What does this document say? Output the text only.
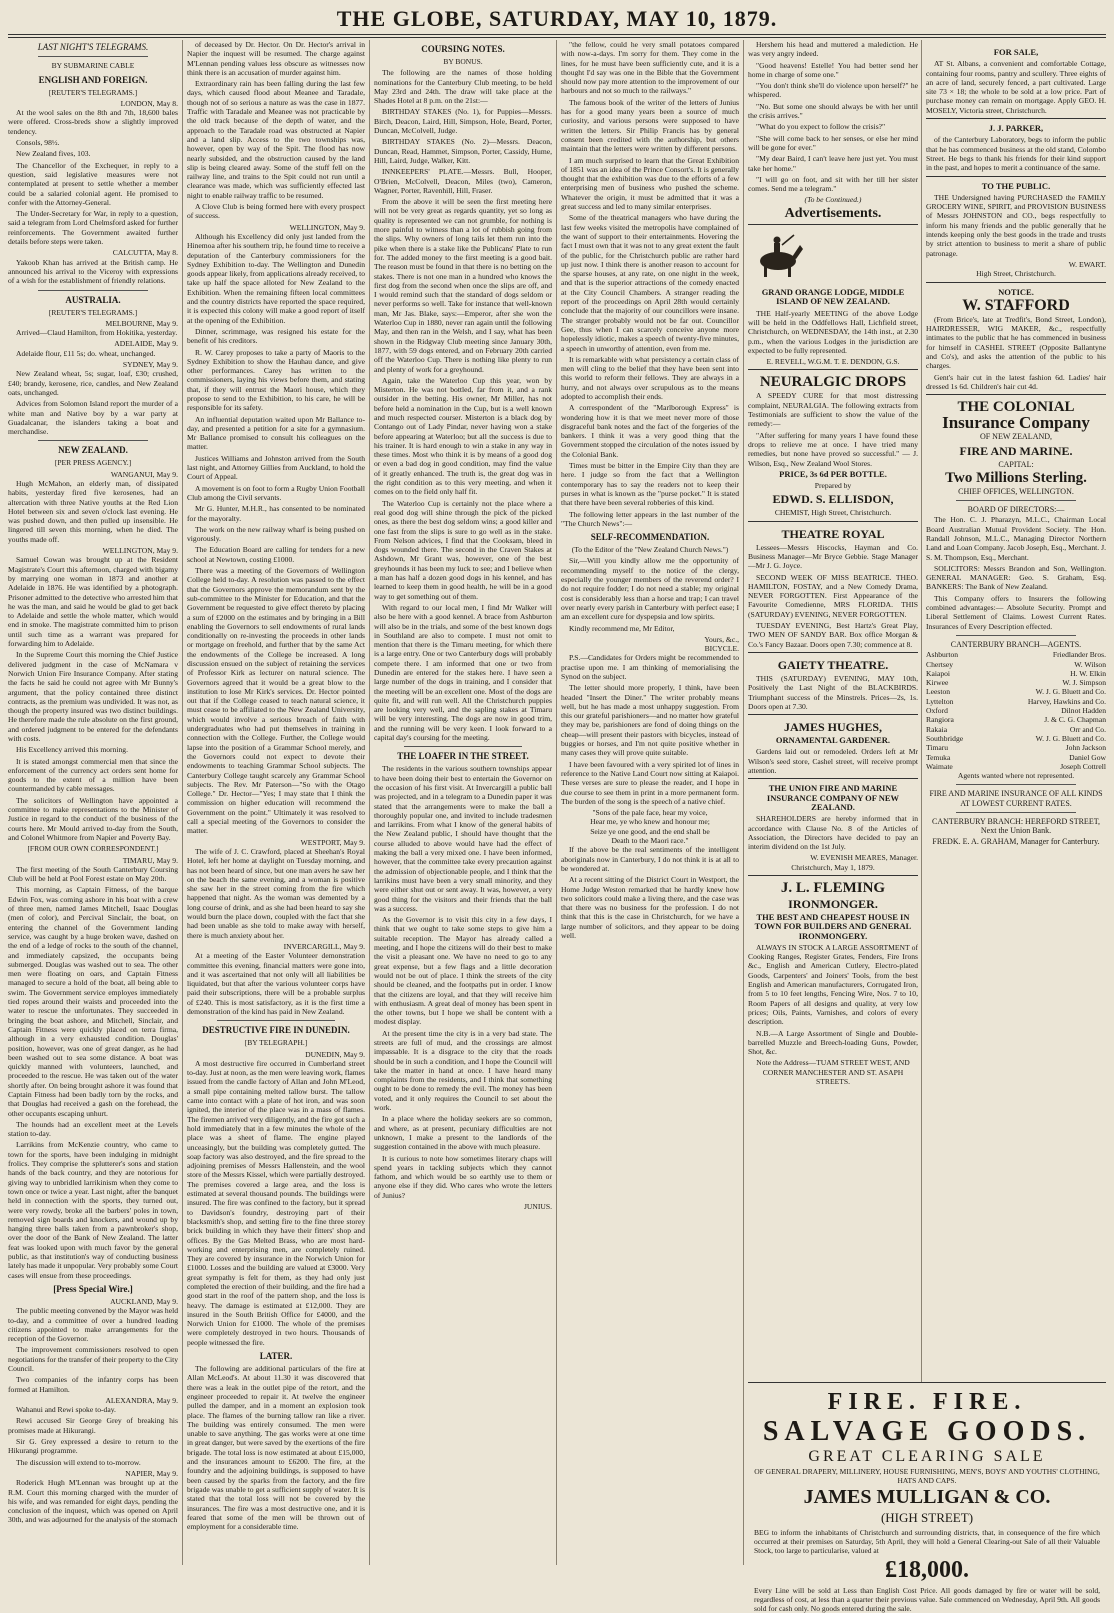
THE GLOBE, SATURDAY, MAY 10, 1879.
LAST NIGHT'S TELEGRAMS.
BY SUBMARINE CABLE
ENGLISH AND FOREIGN.
[REUTER'S TELEGRAMS.]
LONDON, May 8.

At the wool sales on the 8th and 7th, 18,600 bales were offered. Cross-breds show a slightly improved tendency.

Consols, 98½.

New Zealand fives, 103.

The Chancellor of the Exchequer, in reply to a question, said legislative measures were not contemplated at present to settle whether a member could be a salaried colonial agent. He promised to confer with the Attorney-General.

The Under-Secretary for War, in reply to a question, said a telegram from Lord Chelmsford asked for further reinforcements. The Government awaited further details before steps were taken.

CALCUTTA, May 8.

Yakoob Khan has arrived at the British camp. He announced his arrival to the Viceroy with expressions of a wish for the establishment of friendly relations.

AUSTRALIA.
[REUTER'S TELEGRAMS.]
MELBOURNE, May 9.

Arrived—Claud Hamilton, from Hokitika, yesterday.

ADELAIDE, May 9.

Adelaide flour, £11 5s; do. wheat, unchanged.

SYDNEY, May 9.

New Zealand wheat, 5s; sugar, loaf, £30; crushed, £40; brandy, kerosene, rice, candles, and New Zealand oats, unchanged.

Advices from Solomon Island report the murder of a white man and Native boy by a war party at Guadalcanar, the islanders taking a boat and merchandise.

NEW ZEALAND.
[PER PRESS AGENCY.]
WANGANUI, May 9.

Hugh McMahon, an elderly man, of dissipated habits, yesterday fired five kerosenes, had an altercation with three Native youths at the Red Lion Hotel between six and seven o'clock last evening. He was pushed down, and then pulled up insensible. He lingered till seven this morning, when he died. The youths made off.

WELLINGTON, May 9.

Samuel Cowan was brought up at the Resident Magistrate's Court this afternoon, charged with bigamy by marrying one woman in 1873 and another at Adelaide in 1876. He was identified by a photograph. Prisoner admitted to the detective who arrested him that he was the man, and said he would be glad to get back to Adelaide and settle the whole matter, which would end in smoke. The magistrate committed him to prison until such time as a warrant was prepared for forwarding him to Adelaide.

In the Supreme Court this morning the Chief Justice delivered judgment in the case of McNamara v Norwich Union Fire Insurance Company. After stating the facts he said he could not agree with Mr Bunny's argument, that the policy contained three distinct contracts, as the premium was undivided. It was not, as though the property insured was two distinct buildings. He therefore made the rule absolute on the first ground, and ordered judgment to be entered for the defendants with costs.

His Excellency arrived this morning.

It is stated amongst commercial men that since the enforcement of the currency act orders sent home for goods to the extent of a million have been countermanded by cable messages.

The solicitors of Wellington have appointed a committee to make representations to the Minister of Justice in regard to the conduct of the business of the courts here. Mr Mould arrived to-day from the South, and Colonel Whitmore from Napier and Poverty Bay.

[FROM OUR OWN CORRESPONDENT.]
TIMARU, May 9.

The first meeting of the South Canterbury Coursing Club will be held at Pool Forest estate on May 20th.

This morning, as Captain Fitness, of the barque Edwin Fox, was coming ashore in his boat with a crew of three men, named James Mitchell, Isaac Douglas (men of color), and Percival Sinclair, the boat, on entering the channel of the Government landing service, was caught by a huge broken wave, dashed on the end of a ledge of rocks to the south of the channel, and immediately capsized, the occupants being submerged. Douglas was washed out to sea. The other men were floating on oars, and Captain Fitness managed to secure a hold of the boat, all being able to swim. The Government service employes immediately tied ropes around their waists and proceeded into the water to rescue the unfortunates. They succeeded in bringing the boat ashore, and Mitchell, Sinclair, and Captain Fitness were quickly placed on terra firma, although in a very exhausted condition. Douglas' position, however, was one of great danger, as he had been washed out to sea some distance. A boat was quickly manned with volunteers, launched, and proceeded to the rescue. He was taken out of the water shortly after. On being brought ashore it was found that Captain Fitness had been badly torn by the rocks, and that Douglas had received a gash on the forehead, the other occupants escaping unhurt.

The hounds had an excellent meet at the Levels station to-day.

Larrikins from McKenzie country, who came to town for the sports, have been indulging in midnight frolics. They comprise the splutterer's sons and station hands of the back country, and they are notorious for giving way to unbridled larrikinism when they come to town once or twice a year. Last night, after the banquet held in connection with the sports, they turned out, were very rowdy, broke all the barbers' poles in town, removed sign boards and knockers, and wound up by hanging three balls taken from a pawnbroker's shop, over the door of the Bank of New Zealand. The latter feat was looked upon with much favor by the general public, as that institution's way of conducting business lately has made it unpopular. Very probably some Court cases will ensue from these proceedings.

[Press Special Wire.]
AUCKLAND, May 9.

The public meeting convened by the Mayor was held to-day, and a committee of over a hundred leading citizens appointed to make arrangements for the reception of the Governor.

The improvement commissioners resolved to open negotiations for the transfer of their property to the City Council.

Two companies of the infantry corps has been formed at Hamilton.

ALEXANDRA, May 9.

Wahanui and Rewi spoke to-day.

Rewi accused Sir George Grey of breaking his promises made at Hikurangi.

Sir G. Grey expressed a desire to return to the Hikurangi programme.

The discussion will extend to to-morrow.

NAPIER, May 9.

Roderick Hugh M'Lennan was brought up at the R.M. Court this morning charged with the murder of his wife, and was remanded for eight days, pending the conclusion of the inquest, which was opened on April 30th, and was adjourned for the analysis of the stomach

of deceased by Dr. Hector. On Dr. Hector's arrival in Napier the inquest will be resumed. The charge against M'Lennan pending values less obscure as witnesses now think there is an accusation of murder against him.

Extraordinary rain has been falling during the last few days, which caused flood about Meanee and Taradale, though not of so serious a nature as was the case in 1877. Traffic with Taradale and Meanee was not practicable by the old track because of the depth of water, and the approach to the Taradale road was obstructed at Napier and a land slip. Access to the two townships was, however, open by way of the Spit. The flood has now nearly subsided, and the obstruction caused by the land slip is being cleared away. Some of the stuff fell on the railway line, and trains to the Spit could not run until a clearance was made, which was sufficiently effected last night to enable railway traffic to be resumed.

A Clove Club is being formed here with every prospect of success.

WELLINGTON, May 9.

Although his Excellency did only just landed from the Hinemoa after his southern trip, he found time to receive a deputation of the Canterbury commissioners for the Sydney Exhibition to-day. The Wellington and Dunedin goods appear likely, from applications already received, to take up half the space alloted for New Zealand to the Exhibition. When the remaining fifteen local committees and the country districts have reported the space required, it is expected this colony will make a good report of itself at the opening of the Exhibition.

Dinner, scrimmage, was resigned his estate for the benefit of his creditors.

R. W. Carey proposes to take a party of Maoris to the Sydney Exhibition to show the Hauhau dance, and give other performances. Carey has written to the commissioners, laying his views before them, and stating that, if they will entrust the Maori house, which they propose to send to the Exhibition, to his care, he will be responsible for its safety.

An influential deputation waited upon Mr Ballance to-day, and presented a petition for a site for a gymnasium. Mr Ballance promised to consult his colleagues on the matter.

Justices Williams and Johnston arrived from the South last night, and Attorney Gillies from Auckland, to hold the Court of Appeal.

A movement is on foot to form a Rugby Union Football Club among the Civil servants.

Mr G. Hunter, M.H.R., has consented to be nominated for the mayoralty.

The work on the new railway wharf is being pushed on vigorously.

The Education Board are calling for tenders for a new school at Newtown, costing £1000.

There was a meeting of the Governors of Wellington College held to-day. A resolution was passed to the effect that the Governors approve the memorandum sent by the sub-committee to the Minister for Education, and that the Government be requested to give effect thereto by placing a sum of £2000 on the estimates and by bringing in a Bill enabling the Governors to sell endowments of rural lands conditionally on re-investing the proceeds in other lands or mortgage on freehold, and further that by the same Act the endowments of the College be increased. A long discussion ensued on the subject of retaining the services of Professor Kirk as lecturer on natural science. The Governors agreed that it would be a great blow to the institution to lose Mr Kirk's services. Dr. Hector pointed out that if the College ceased to teach natural science, it must cease to be affiliated to the New Zealand University, which would involve a serious breach of faith with undergraduates who had put themselves in training in connection with the College. Further, the College would lapse into the position of a Grammar School merely, and the Governors could not expect to devote their endowments to teaching Grammar School subjects. The Canterbury College taught scarcely any Grammar School subjects. The Rev. Mr Paterson—"So with the Otago College." Dr. Hector—"Yes; I may state that I think the commission on higher education will recommend the Government on the point." Ultimately it was resolved to call a special meeting of the Governors to consider the matter.

WESTPORT, May 9.

The wife of J. C. Crawford, placed at Sheehan's Royal Hotel, left her home at daylight on Tuesday morning, and has not been heard of since, but one man avers he saw her on the beach the same evening, and a woman is positive she saw her in the street coming from the fire which happened that night. As the woman was demented by a long course of drink, and as she had been heard to say she would burn the place down, coupled with the fact that she had been unable as she told to make away with herself, there is much anxiety about her.

INVERCARGILL, May 9.

At a meeting of the Easter Volunteer demonstration committee this evening, financial matters were gone into, and it was ascertained that not only will all liabilities be liquidated, but that after the various volunteer corps have paid their subscriptions, there will be a probable surplus of £240. This is most satisfactory, as it is the first time a demonstration of the kind has paid in New Zealand.

DESTRUCTIVE FIRE IN DUNEDIN.
[BY TELEGRAPH.]
DUNEDIN, May 9.

A most destructive fire occurred in Cumberland street to-day. Just at noon, as the men were leaving work, flames issued from the candle factory of Allan and John M'Leod, a small pipe containing melted tallow burst. The tallow came into contact with a plate of hot iron, and was soon ignited, the interior of the place was in a mass of flames. The firemen arrived very diligently, and the fire got such a hold immediately that in a few minutes the whole of the place was a sheet of flame. The engine played unceasingly, but the building was completely gutted. The soap factory was also destroyed, and the fire spread to the adjoining premises of Messrs Hallenstein, and the wool store of the Messrs Kissel, which were partially destroyed. The premises covered a large area, and the loss is estimated at several thousand pounds. The buildings were insured. The fire was confined to the factory, but it spread to Davidson's foundry, destroying part of their blacksmith's shop, and setting fire to the fine three storey brick building in which they have their fitters' shop and offices. By the Gas Melted Brass, who are most hard-working and enterprising men, are completely ruined. They are covered by insurance in the Norwich Union for £1000. Losses and the building are valued at £3000. Very great sympathy is felt for them, as they had only just completed the erection of their building, and the fire had a good start in the roof of the pattern shop, and the loss is heavy. The damage is estimated at £12,000. They are insured in the South British Office for £4000, and the Norwich Union for £1000. The whole of the premises were completely destroyed in two hours. Thousands of people witnessed the fire.

LATER.

The following are additional particulars of the fire at Allan McLeod's. At about 11.30 it was discovered that there was a leak in the outlet pipe of the retort, and the engineer proceeded to repair it. At twelve the engineer pulled the damper, and in a moment an explosion took place. The flames of the burning tallow ran like a river. The building was entirely consumed. The men were unable to save anything. The gas works were at one time in great danger, but were saved by the exertions of the fire brigade. The total loss is now estimated at about £15,000, and the insurances amount to £6200. The fire, at the foundry and the adjoining buildings, is supposed to have been caused by the sparks from the factory, and the fire brigade was unable to get a sufficient supply of water. It is stated that the total loss will not be covered by the insurances. The fire was a most destructive one, and it is feared that some of the men will be thrown out of employment for a considerable time.

COURSING NOTES.
BY BONUS.

The following are the names of those holding nominations for the Canterbury Club meeting, to be held May 23rd and 24th. The draw will take place at the Shades Hotel at 8 p.m. on the 21st:—

BIRTHDAY STAKES (No. 1), for Puppies—Messrs. Birch, Deacon, Laird, Hill, Simpson, Hole, Beard, Porter, Duncan, McColvell, Judge.

BIRTHDAY STAKES (No. 2)—Messrs. Deacon, Duncan, Read, Hammet, Simpson, Porter, Cassidy, Hume, Hill, Laird, Judge, Walker, Kitt.

INNKEEPERS' PLATE.—Messrs. Bull, Hooper, O'Brien, McColvell, Deacon, Miles (two), Cameron, Wagner, Porter, Ravenhill, Hill, Fraser.

From the above it will be seen the first meeting here will not be very great as regards quantity, yet so long as quality is represented we can not grumble, for nothing is more painful to witness than a lot of rubbish going from the slips. Why owners of long tails let them run into the pike when there is a stake like the Publicans' Plate to run for. The added money to the first meeting is a good bait. The reason must be found in that there is no betting on the stakes. There is not one man in a hundred who knows the first dog from the second when once the slips are off, and I would remind such that the standard of dogs seldom or never performs so well. Take for instance that well-known man, Mr Jas. Blake, says:—Emperor, after she won the Waterloo Cup in 1880, never ran again until the following May, and then ran in the Welsh, and I say, what has been shown in the Ridgway Club meeting since January 30th, 1877, with 59 dogs entered, and on February 20th carried off the Waterloo Cup. There is nothing like plenty to run and plenty of work for a greyhound.

Again, take the Waterloo Cup this year, won by Misterton. He was not bottled, far from it, and a rank outsider in the betting. His owner, Mr Miller, has not before held a nomination in the Cup, but is a well known and much respected courser. Misterton is a black dog by Contango out of Lady Pindar, never having won a stake before appearing at Waterloo; but all the success is due to his trainer. It is hard enough to win a stake in any way in these times. Most who think it is by means of a good dog or even a bad dog in good condition, may find the value of it greatly enhanced. The truth is, the great dog was in the right condition as to this very meeting, and when it comes on to the field only half fit.

The Waterloo Cup is certainly not the place where a real good dog will shine through the pick of the picked ones, as there the best dog seldom wins; a good killer and one fast from the slips is sure to go well as in the stake. From Nelson advices, I find that the Cooksam, bleed in dogs wounded there. The second in the Craven Stakes at Ashdown, Mr Grant was, however, one of the best greyhounds it has been my luck to see; and I believe when a man has half a dozen good dogs in his kennel, and has learned to keep them in good health, he will be in a good way to get something out of them.

With regard to our local men, I find Mr Walker will also be here with a good kennel. A brace from Ashburton will also be in the trials, and some of the best known dogs in Southland are also to compete. I must not omit to mention that there is the Timaru meeting, for which there is a large entry. One or two Canterbury dogs will probably compete there. I am informed that one or two from Dunedin are entered for the stakes here. I have seen a large number of the dogs in training, and I consider that the meeting will be an excellent one. Most of the dogs are quite fit, and will run well. All the Christchurch puppies are looking very well, and the sapling stakes at Timaru will be very interesting. The dogs are now in good trim, and the running will be very keen. I look forward to a capital day's coursing for the meeting.

THE LOAFER IN THE STREET.

The residents in the various southern townships appear to have been doing their best to entertain the Governor on the occasion of his first visit. At Invercargill a public ball was projected, and in a telegram to a Dunedin paper it was stated that the arrangements were to make the ball a thoroughly popular one, and invited to include tradesmen and larrikins. From what I know of the general habits of the New Zealand public, I should have thought that the course alluded to above would have had the effect of making the ball a very mixed one. I have been informed, however, that the committee take every precaution against the admission of objectionable people, and I think that the larrikins must have been a very small minority, and they were either shut out or sent away. It was, however, a very good thing for the visitors and their friends that the ball was a success.

As the Governor is to visit this city in a few days, I think that we ought to take some steps to give him a suitable reception. The Mayor has already called a meeting, and I hope the citizens will do their best to make the visit a pleasant one. We have no need to go to any great expense, but a few flags and a little decoration would not be out of place. I think the streets of the city should be cleaned, and the footpaths put in order. I know that the citizens are loyal, and that they will receive him with enthusiasm. A great deal of money has been spent in the other towns, but I hope we shall be content with a modest display.

At the present time the city is in a very bad state. The streets are full of mud, and the crossings are almost impassable. It is a disgrace to the city that the roads should be in such a condition, and I hope the Council will take the matter in hand at once. I have heard many complaints from the residents, and I think that something ought to be done to remedy the evil. The money has been voted, and it only requires the Council to set about the work.

In a place where the holiday seekers are so common, and where, as at present, pecuniary difficulties are not unknown, I make a present to the landlords of the suggestion contained in the above with much pleasure.

It is curious to note how sometimes literary chaps will spend years in tackling subjects which they cannot fathom, and which would be so earthly use to them or anyone else if they did. Who cares who wrote the letters of Junius?

JUNIUS.

"the fellow, could he very small potatoes compared with now-a-days. I'm sorry for them. They come in the lines, for he must have been sufficiently cute, and it is a thought I'd say was one in the Bible that the Government should now pay more attention to the improvement of our harbours and not so much to the railways."

The famous book of the writer of the letters of Junius has for a good many years been a source of much curiosity, and various persons were supposed to have written the letters. Sir Philip Francis has by general consent been credited with the authorship, but others maintain that the letters were written by different persons.

I am much surprised to learn that the Great Exhibition of 1851 was an idea of the Prince Consort's. It is generally thought that the exhibition was due to the efforts of a few enterprising men of business who pushed the scheme. Whatever the origin, it must be admitted that it was a great success and led to many similar enterprises.

Some of the theatrical managers who have during the last few weeks visited the metropolis have complained of the want of support to their entertainments. Hovering the fact I must own that it was not to any great extent the fault of the public, for the Christchurch public are rather hard up just now. I think there is another reason to account for the sparse houses, at any rate, on one night in the week, and that is the superior attractions of the comedy enacted at the City Council Chambers. A stranger reading the report of the proceedings on April 28th would certainly conclude that the majority of our councillors were insane. The stranger probably would not be far out. Councillor Gee, thus when I can scarcely conceive anyone more hopelessly idiotic, makes a speech of twenty-five minutes, a speech in unworthy of attention, even from me.

It is remarkable with what persistency a certain class of men will cling to the belief that they have been sent into this world to reform their fellows. They are always in a hurry, and not always over scrupulous as to the means adopted to accomplish their ends.

A correspondent of the "Marlborough Express" is wondering how it is that we meet never more of those disgraceful bank notes and the fact of the forgeries of the bankers. I think it was a very good thing that the Government stopped the circulation of the notes issued by the Colonial Bank.

Times must be bitter in the Empire City than they are here. I judge so from the fact that a Wellington contemporary has to say the readers not to keep their purses in what is known as the "purse pocket." It is stated that there have been several robberies of this kind.

The following letter appears in the last number of the "The Church News":—

SELF-RECOMMENDATION.
(To the Editor of the "New Zealand Church News.")

Sir,—Will you kindly allow me the opportunity of recommending myself to the notice of the clergy, especially the younger members of the reverend order? I do not require fodder; I do not need a stable; my original cost is considerably less than a horse and trap; I can travel over nearly every parish in Canterbury with perfect ease; I am an excellent cure for dyspepsia and low spirits.

Kindly recommend me, Mr Editor,

Yours, &c.,
BICYCLE.

P.S.—Candidates for Orders might be recommended to practise upon me. I am thinking of memorialising the Synod on the subject.

The letter should more properly, I think, have been headed "Insert the Diner." The writer probably means well, but he has made a most unhappy suggestion. From this our grateful parishioners—and no matter how grateful they may be, parishioners are fond of doing things on the cheap—will present their pastors with bicycles, instead of buggies or horses, and I'm not quite positive whether in many cases they will prove quite suitable.

I have been favoured with a very spirited lot of lines in reference to the Native Land Court now sitting at Kaiapoi. These verses are sure to please the reader, and I hope in due course to see them in print in a more permanent form. The burden of the song is the speech of a native chief.

"Sons of the pale face, hear my voice,
Hear me, ye who knew and honour me;
Seize ye one good, and the end shall be
Death to the Maori race."

If the above be the real sentiments of the intelligent aboriginals now in Canterbury, I do not think it is at all to be wondered at.

At a recent sitting of the District Court in Westport, the Home Judge Weston remarked that he hardly knew how two solicitors could make a living there, and the case was that there was no business for the profession. I do not think that this is the case in Christchurch, for we have a large number of solicitors, and they appear to be doing well.

Hershem his head and muttered a malediction. He was very angry indeed.

"Good heavens! Estelle! You had better send her home in charge of some one."

"You don't think she'll do violence upon herself?" he whispered.

"No. But some one should always be with her until the crisis arrives."

"What do you expect to follow the crisis?"

"She will come back to her senses, or else her mind will be gone for ever."

"My dear Baird, I can't leave here just yet. You must take her home."

"I will go on foot, and sit with her till her sister comes. Send me a telegram."

(To be Continued.)
Advertisements.
GRAND ORANGE LODGE, MIDDLE ISLAND OF NEW ZEALAND.

THE Half-yearly MEETING of the above Lodge will be held in the Oddfellows Hall, Lichfield street, Christchurch, on WEDNESDAY, the 14th inst., at 2.30 p.m., when the various Lodges in the jurisdiction are expected to be fully represented.

E. REVELL, W.G.M. T. E. DENDON, G.S.
NEURALGIC DROPS

A SPEEDY CURE for that most distressing complaint, NEURALGIA. The following extracts from Testimonials are sufficient to show the value of the remedy:—

"After suffering for many years I have found these drops to relieve me at once. I have tried many remedies, but none have proved so successful." — J. Wilson, Esq., New Zealand Wool Stores.

PRICE, 3s 6d PER BOTTLE.
Prepared by
EDWD. S. ELLISDON,
CHEMIST, High Street, Christchurch.
THEATRE ROYAL

Lessees—Messrs Hiscocks, Hayman and Co. Business Manager—Mr Bryce Gebbie. Stage Manager—Mr J. G. Joyce.

SECOND WEEK OF MISS BEATRICE. THEO. HAMILTON, FOSTAY, and a New Comedy Drama, NEVER FORGOTTEN. First Appearance of the Favourite Comedienne, MRS FLORIDA. THIS (SATURDAY) EVENING, NEVER FORGOTTEN.

TUESDAY EVENING, Best Hartz's Great Play, TWO MEN OF SANDY BAR. Box office Morgan & Co.'s Fancy Bazaar. Doors open 7.30; commence at 8.

GAIETY THEATRE.

THIS (SATURDAY) EVENING, MAY 10th, Positively the Last Night of the BLACKBIRDS. Triumphant success of the Minstrels. Prices—2s, 1s. Doors open at 7.30.

JAMES HUGHES,
ORNAMENTAL GARDENER.

Gardens laid out or remodeled. Orders left at Mr Wilson's seed store, Cashel street, will receive prompt attention.

THE UNION FIRE AND MARINE INSURANCE COMPANY OF NEW ZEALAND.

SHAREHOLDERS are hereby informed that in accordance with Clause No. 8 of the Articles of Association, the Directors have decided to pay an interim dividend on the 1st July.

W. EVENISH MEARES, Manager.
Christchurch, May 1, 1879.
J. L. FLEMING
IRONMONGER.
THE BEST AND CHEAPEST HOUSE IN TOWN FOR BUILDERS AND GENERAL IRONMONGERY.

ALWAYS IN STOCK A LARGE ASSORTMENT of Cooking Ranges, Register Grates, Fenders, Fire Irons &c., English and American Cutlery, Electro-plated Goods, Carpenters' and Joiners' Tools, from the best English and American manufacturers, Corrugated Iron, from 5 to 10 feet lengths, Fencing Wire, Nos. 7 to 10, Room Papers of all designs and quality, at very low prices; Oils, Paints, Varnishes, and colors of every description.

N.B.—A Large Assortment of Single and Double-barrelled Muzzle and Breech-loading Guns, Powder, Shot, &c.

Note the Address—TUAM STREET WEST, AND CORNER MANCHESTER AND ST. ASAPH STREETS.
FOR SALE,

AT St. Albans, a convenient and comfortable Cottage, containing four rooms, pantry and scullery. Three eights of an acre of land, securely fenced, a part cultivated. Large site 73 × 18; the whole to be sold at a low price. Part of purchase money can remain on mortgage. Apply GEO. H. MOSELY, Victoria street, Christchurch.

J. J. PARKER,

of the Canterbury Laboratory, begs to inform the public that he has commenced business at the old stand, Colombo Street. He begs to thank his friends for their kind support in the past, and hopes to merit a continuance of the same.

TO THE PUBLIC.

THE Undersigned having PURCHASED the FAMILY GROCERY WINE, SPIRIT, and PROVISION BUSINESS of Messrs JOHNSTON and CO., begs respectfully to inform his many friends and the public generally that he intends keeping only the best goods in the trade and trusts by strict attention to business to merit a share of public patronage.

W. EWART.
High Street, Christchurch.
NOTICE.
W. STAFFORD

(From Brice's, late at Tredfit's, Bond Street, London), HAIRDRESSER, WIG MAKER, &c., respectfully intimates to the public that he has commenced in business for himself in CASHEL STREET (Opposite Ballantyne and Co's), and asks the attention of the public to his charges.

Gent's hair cut in the latest fashion 6d. Ladies' hair dressed 1s 6d. Children's hair cut 4d.

THE COLONIAL
Insurance Company
OF NEW ZEALAND,
FIRE AND MARINE.
CAPITAL:
Two Millions Sterling.
CHIEF OFFICES, WELLINGTON.
BOARD OF DIRECTORS:—

The Hon. C. J. Pharazyn, M.L.C., Chairman Local Board Australian Mutual Provident Society. The Hon. Randall Johnson, M.L.C., Managing Director Northern Land and Loan Company. Jacob Joseph, Esq., Merchant. J. S. M. Thompson, Esq., Merchant.

SOLICITORS: Messrs Brandon and Son, Wellington. GENERAL MANAGER: Geo. S. Graham, Esq. BANKERS: The Bank of New Zealand.

This Company offers to Insurers the following combined advantages:— Absolute Security. Prompt and Liberal Settlement of Claims. Lowest Current Rates. Insurances of Every Description effected.

CANTERBURY BRANCH—AGENTS.
Ashburton	Friedlander Bros.
Chertsey	W. Wilson
Kaiapoi	H. W. Elkin
Kirwee	W. J. Simpson
Leeston	W. J. G. Bluett and Co.
Lyttelton	Harvey, Hawkins and Co.
Oxford	Dilnot Hadden
Rangiora	J. & C. G. Chapman
Rakaia	Orr and Co.
Southbridge	W. J. G. Bluett and Co.
Timaru	John Jackson
Temuka	Daniel Gow
Waimate	Joseph Cottrell
Agents wanted where not represented.
FIRE AND MARINE INSURANCE OF ALL KINDS AT LOWEST CURRENT RATES.
CANTERBURY BRANCH: HEREFORD STREET, Next the Union Bank.
FREDK. E. A. GRAHAM, Manager for Canterbury.
FIRE. FIRE.
SALVAGE GOODS.
GREAT CLEARING SALE
OF GENERAL DRAPERY, MILLINERY, HOUSE FURNISHING, MEN'S, BOYS' AND YOUTHS' CLOTHING, HATS AND CAPS.
JAMES MULLIGAN & CO.
(HIGH STREET)
BEG to inform the inhabitants of Christchurch and surrounding districts, that, in consequence of the fire which occurred at their premises on Saturday, 5th April, they will hold a General Clearing-out Sale of all their Valuable Stock, too large to particularise, valued at
£18,000.
Every Line will be sold at Less than English Cost Price. All goods damaged by fire or water will be sold, regardless of cost, at less than a quarter their previous value. Sale commenced on Wednesday, April 9th. All goods sold for cash only. No goods entered during the sale.
